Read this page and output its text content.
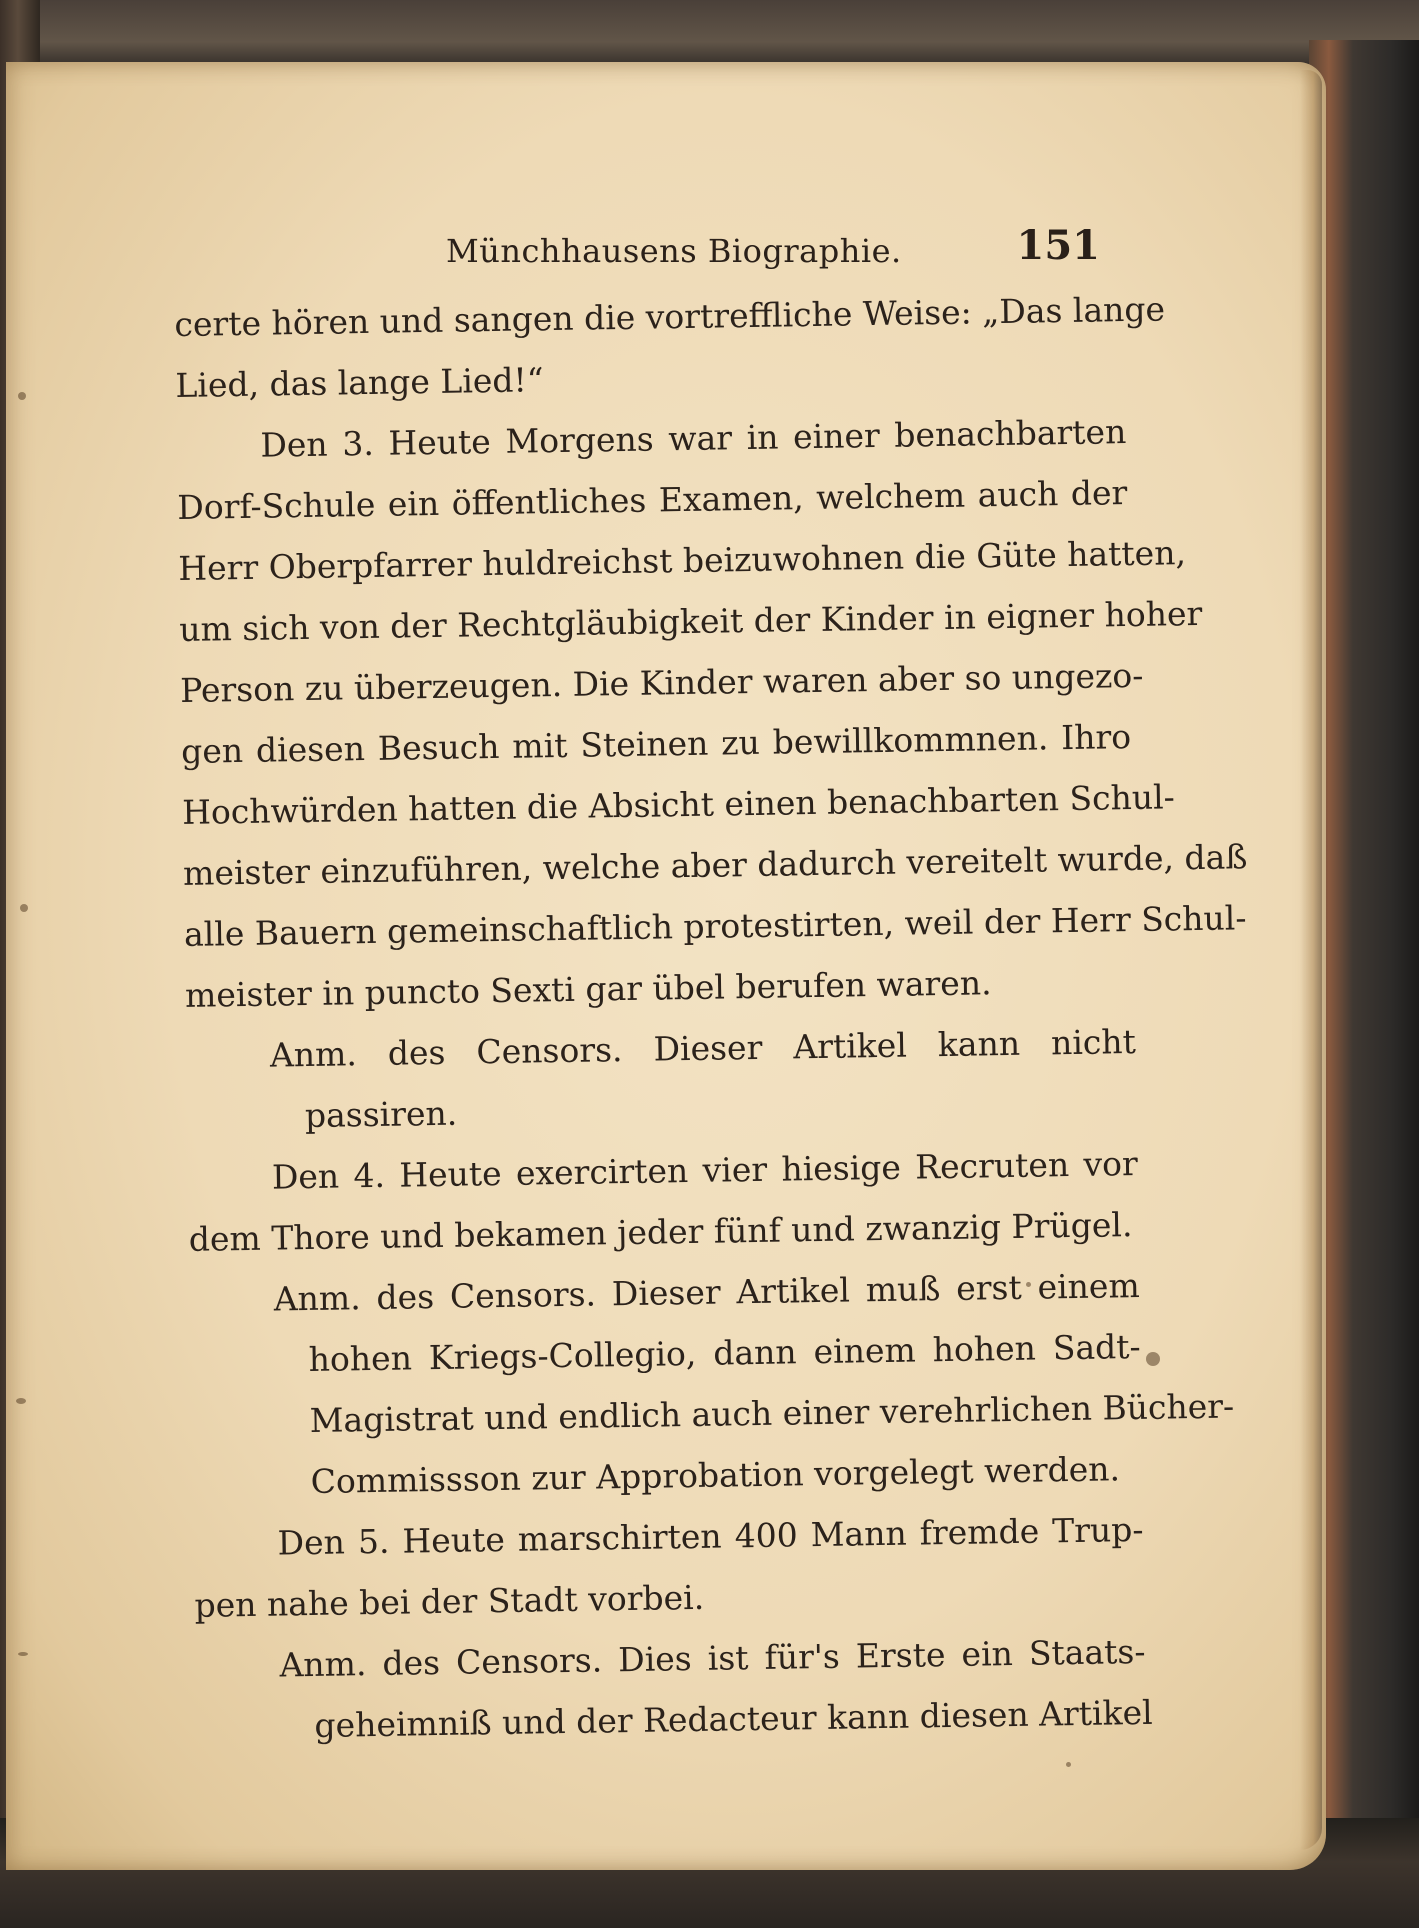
Münchhausens Biographie.	151
certe hören und sangen die vortreffliche Weise: „Das lange
Lied, das lange Lied!“
Den 3. Heute Morgens war in einer benachbarten
Dorf-Schule ein öffentliches Examen, welchem auch der
Herr Oberpfarrer huldreichst beizuwohnen die Güte hatten,
um sich von der Rechtgläubigkeit der Kinder in eigner hoher
Person zu überzeugen. Die Kinder waren aber so ungezo-
gen diesen Besuch mit Steinen zu bewillkommnen. Ihro
Hochwürden hatten die Absicht einen benachbarten Schul-
meister einzuführen, welche aber dadurch vereitelt wurde, daß
alle Bauern gemeinschaftlich protestirten, weil der Herr Schul-
meister in puncto Sexti gar übel berufen waren.
Anm. des Censors. Dieser Artikel kann nicht
passiren.
Den 4. Heute exercirten vier hiesige Recruten vor
dem Thore und bekamen jeder fünf und zwanzig Prügel.
Anm. des Censors. Dieser Artikel muß erst einem
hohen Kriegs-Collegio, dann einem hohen Sadt-
Magistrat und endlich auch einer verehrlichen Bücher-
Commissson zur Approbation vorgelegt werden.
Den 5. Heute marschirten 400 Mann fremde Trup-
pen nahe bei der Stadt vorbei.
Anm. des Censors. Dies ist für's Erste ein Staats-
geheimniß und der Redacteur kann diesen Artikel
